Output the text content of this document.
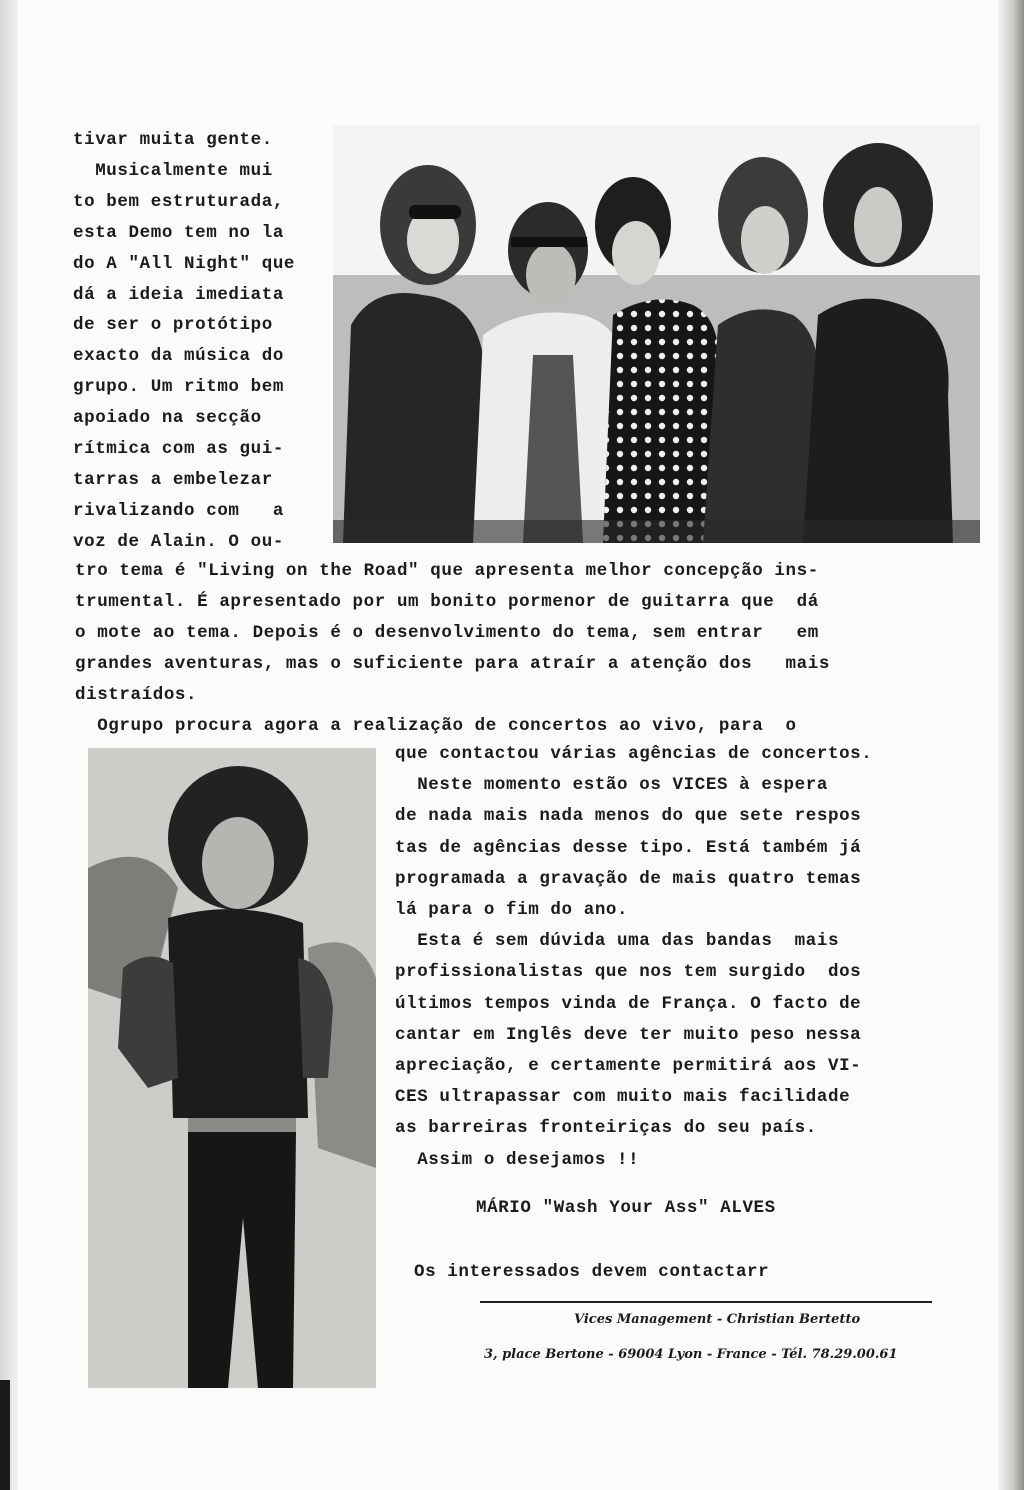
tivar muita gente.
Musicalmente mui
to bem estruturada,
esta Demo tem no la
do A "All Night" que
dá a ideia imediata
de ser o protótipo
exacto da música do
grupo. Um ritmo bem
apoiado na secção
rítmica com as gui-
tarras a embelezar
rivalizando com   a
voz de Alain. O ou-
tro tema é "Living on the Road" que apresenta melhor concepção ins-
trumental. É apresentado por um bonito pormenor de guitarra que  dá
o mote ao tema. Depois é o desenvolvimento do tema, sem entrar   em
grandes aventuras, mas o suficiente para atraír a atenção dos   mais
distraídos.
Ogrupo procura agora a realização de concertos ao vivo, para  o
que contactou várias agências de concertos.
Neste momento estão os VICES à espera
de nada mais nada menos do que sete respos
tas de agências desse tipo. Está também já
programada a gravação de mais quatro temas
lá para o fim do ano.
Esta é sem dúvida uma das bandas  mais
profissionalistas que nos tem surgido  dos
últimos tempos vinda de França. O facto de
cantar em Inglês deve ter muito peso nessa
apreciação, e certamente permitirá aos VI-
CES ultrapassar com muito mais facilidade
as barreiras fronteiriças do seu país.
Assim o desejamos !!
MÁRIO "Wash Your Ass" ALVES
Os interessados devem contactarr
Vices Management - Christian Bertetto
3, place Bertone - 69004 Lyon - France - Tél. 78.29.00.61
